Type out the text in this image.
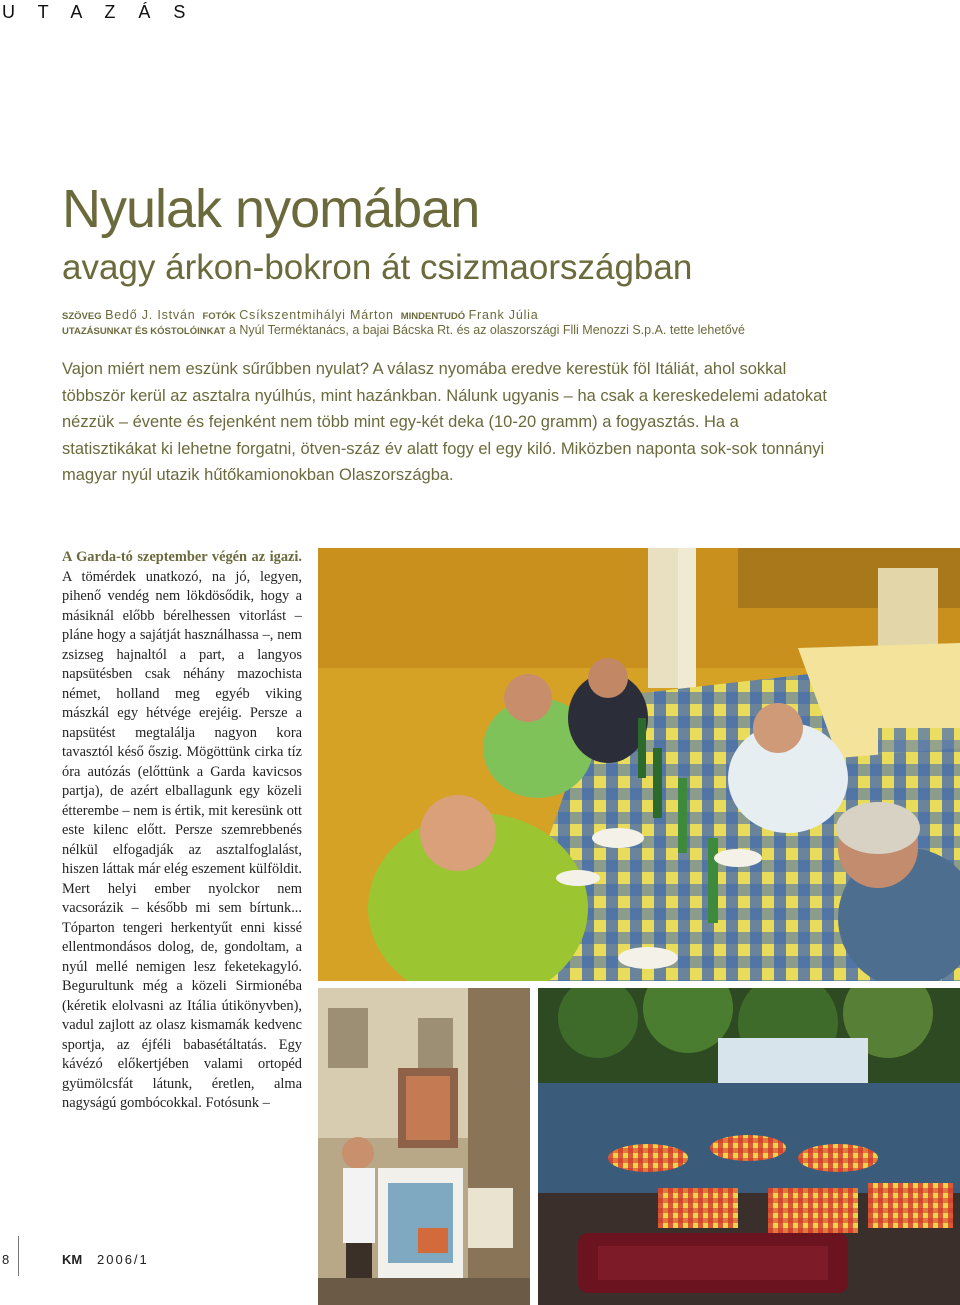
U T A Z Á S
Nyulak nyomában
avagy árkon-bokron át csizmaországban
SZÖVEG Bedő J. István FOTÓK Csíkszentmihályi Márton MINDENTUDÓ Frank Júlia
UTAZÁSUNKAT ÉS KÓSTOLÓINKAT a Nyúl Terméktanács, a bajai Bácska Rt. és az olaszországi Flli Menozzi S.p.A. tette lehetővé

Vajon miért nem eszünk sűrűbben nyulat? A válasz nyomába eredve kerestük föl Itáliát, ahol sokkal többször kerül az asztalra nyúlhús, mint hazánkban. Nálunk ugyanis – ha csak a kereskedelemi adatokat nézzük – évente és fejenként nem több mint egy-két deka (10-20 gramm) a fogyasztás. Ha a statisztikákat ki lehetne forgatni, ötven-száz év alatt fogy el egy kiló. Miközben naponta sok-sok tonnányi magyar nyúl utazik hűtőkamionokban Olaszországba.

A Garda-tó szeptember végén az igazi. A tömérdek unatkozó, na jó, legyen, pihenő vendég nem lökdösődik, hogy a másiknál előbb bérelhessen vitorlást – pláne hogy a sajátját használhassa –, nem zsizseg hajnaltól a part, a langyos napsütésben csak néhány mazochista német, holland meg egyéb viking mászkál egy hétvége erejéig. Persze a napsütést megtalálja nagyon kora tavasztól késő őszig. Mögöttünk cirka tíz óra autózás (előttünk a Garda kavicsos partja), de azért elballagunk egy közeli étterembe – nem is értik, mit keresünk ott este kilenc előtt. Persze szemrebbenés nélkül elfogadják az asztalfoglalást, hiszen láttak már elég eszement külföldit. Mert helyi ember nyolckor nem vacsorázik – később mi sem bírtunk... Tóparton tengeri herkentyűt enni kissé ellentmondásos dolog, de, gondoltam, a nyúl mellé nemigen lesz feketekagyló. Begurultunk még a közeli Sirmionéba (kéretik elolvasni az Itália útikönyvben), vadul zajlott az olasz kismamák kedvenc sportja, az éjféli babasétáltatás. Egy kávézó előkertjében valami ortopéd gyümölcsfát látunk, éretlen, alma nagyságú gombócokkal. Fotósunk –

8	KM 2006/1
